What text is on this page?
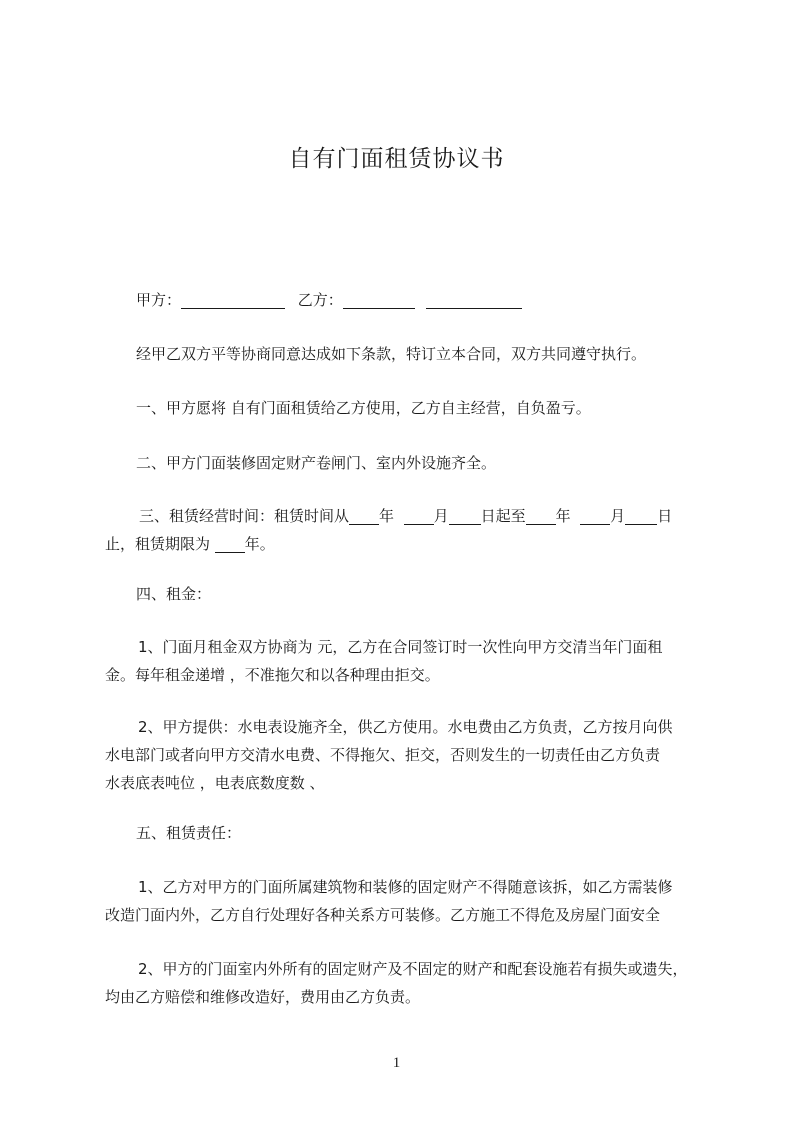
自有门面租赁协议书

甲方：	乙方：

经甲乙双方平等协商同意达成如下条款，特订立本合同，双方共同遵守执行。

一、甲方愿将 自有门面租赁给乙方使用，乙方自主经营，自负盈亏。

二、甲方门面装修固定财产卷闸门、室内外设施齐全。

三、租赁经营时间：租赁时间从 年	月 日起至 年	月 日
止，租赁期限为 年。

四、租金：

1、门面月租金双方协商为 元，乙方在合同签订时一次性向甲方交清当年门面租
金。每年租金递增 ，不准拖欠和以各种理由拒交。
2、甲方提供：水电表设施齐全，供乙方使用。水电费由乙方负责，乙方按月向供
水电部门或者向甲方交清水电费、不得拖欠、拒交，否则发生的一切责任由乙方负责
水表底表吨位 ，电表底数度数 、

五、租赁责任：

1、乙方对甲方的门面所属建筑物和装修的固定财产不得随意该拆，如乙方需装修
改造门面内外，乙方自行处理好各种关系方可装修。乙方施工不得危及房屋门面安全
2、甲方的门面室内外所有的固定财产及不固定的财产和配套设施若有损失或遗失，
均由乙方赔偿和维修改造好，费用由乙方负责。
1
